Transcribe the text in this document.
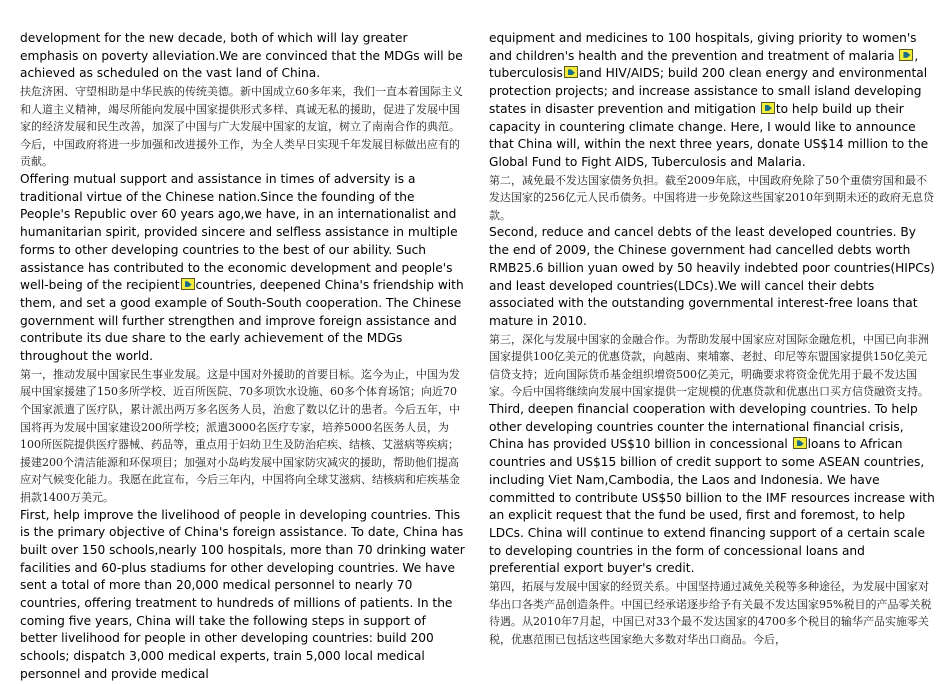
development for the new decade, both of which will lay greater emphasis on poverty alleviation.We are convinced that the MDGs will be achieved as scheduled on the vast land of China.

扶危济困、守望相助是中华民族的传统美德。新中国成立60多年来，我们一直本着国际主义和人道主义精神，竭尽所能向发展中国家提供形式多样、真诚无私的援助，促进了发展中国家的经济发展和民生改善，加深了中国与广大发展中国家的友谊，树立了南南合作的典范。今后，中国政府将进一步加强和改进援外工作，为全人类早日实现千年发展目标做出应有的贡献。

Offering mutual support and assistance in times of adversity is a traditional virtue of the Chinese nation.Since the founding of the People's Republic over 60 years ago,we have, in an internationalist and humanitarian spirit, provided sincere and selfless assistance in multiple forms to other developing countries to the best of our ability. Such assistance has contributed to the economic development and people's well-being of the recipient countries, deepened China's friendship with them, and set a good example of South-South cooperation. The Chinese government will further strengthen and improve foreign assistance and contribute its due share to the early achievement of the MDGs throughout the world.

第一，推动发展中国家民生事业发展。这是中国对外援助的首要目标。迄今为止，中国为发展中国家援建了150多所学校、近百所医院、70多项饮水设施、60多个体育场馆；向近70个国家派遣了医疗队，累计派出两万多名医务人员，治愈了数以亿计的患者。今后五年，中国将再为发展中国家建设200所学校；派遣3000名医疗专家，培养5000名医务人员，为100所医院提供医疗器械、药品等，重点用于妇幼卫生及防治疟疾、结核、艾滋病等疾病；援建200个清洁能源和环保项目；加强对小岛屿发展中国家防灾减灾的援助，帮助他们提高应对气候变化能力。我愿在此宣布，今后三年内，中国将向全球艾滋病、结核病和疟疾基金捐款1400万美元。

First, help improve the livelihood of people in developing countries. This is the primary objective of China's foreign assistance. To date, China has built over 150 schools,nearly 100 hospitals, more than 70 drinking water facilities and 60-plus stadiums for other developing countries. We have sent a total of more than 20,000 medical personnel to nearly 70 countries, offering treatment to hundreds of millions of patients. In the coming five years, China will take the following steps in support of better livelihood for people in other developing countries: build 200 schools; dispatch 3,000 medical experts, train 5,000 local medical personnel and provide medical

equipment and medicines to 100 hospitals, giving priority to women's and children's health and the prevention and treatment of malaria , tuberculosis and HIV/AIDS; build 200 clean energy and environmental protection projects; and increase assistance to small island developing states in disaster prevention and mitigation to help build up their capacity in countering climate change. Here, I would like to announce that China will, within the next three years, donate US$14 million to the Global Fund to Fight AIDS, Tuberculosis and Malaria.

第二，减免最不发达国家债务负担。截至2009年底，中国政府免除了50个重债穷国和最不发达国家的256亿元人民币债务。中国将进一步免除这些国家2010年到期未还的政府无息贷款。

Second, reduce and cancel debts of the least developed countries. By the end of 2009, the Chinese government had cancelled debts worth RMB25.6 billion yuan owed by 50 heavily indebted poor countries(HIPCs) and least developed countries(LDCs).We will cancel their debts associated with the outstanding governmental interest-free loans that mature in 2010.

第三，深化与发展中国家的金融合作。为帮助发展中国家应对国际金融危机，中国已向非洲国家提供100亿美元的优惠贷款，向越南、柬埔寨、老挝、印尼等东盟国家提供150亿美元信贷支持；近向国际货币基金组织增资500亿美元，明确要求将资金优先用于最不发达国家。今后中国将继续向发展中国家提供一定规模的优惠贷款和优惠出口买方信贷融资支持。

Third, deepen financial cooperation with developing countries. To help other developing countries counter the international financial crisis, China has provided US$10 billion in concessional loans to African countries and US$15 billion of credit support to some ASEAN countries, including Viet Nam,Cambodia, the Laos and Indonesia. We have committed to contribute US$50 billion to the IMF resources increase with an explicit request that the fund be used, first and foremost, to help LDCs. China will continue to extend financing support of a certain scale to developing countries in the form of concessional loans and preferential export buyer's credit.

第四，拓展与发展中国家的经贸关系。中国坚持通过减免关税等多种途径，为发展中国家对华出口各类产品创造条件。中国已经承诺逐步给予有关最不发达国家95%税目的产品零关税待遇。从2010年7月起，中国已对33个最不发达国家的4700多个税目的输华产品实施零关税，优惠范围已包括这些国家绝大多数对华出口商品。今后，
